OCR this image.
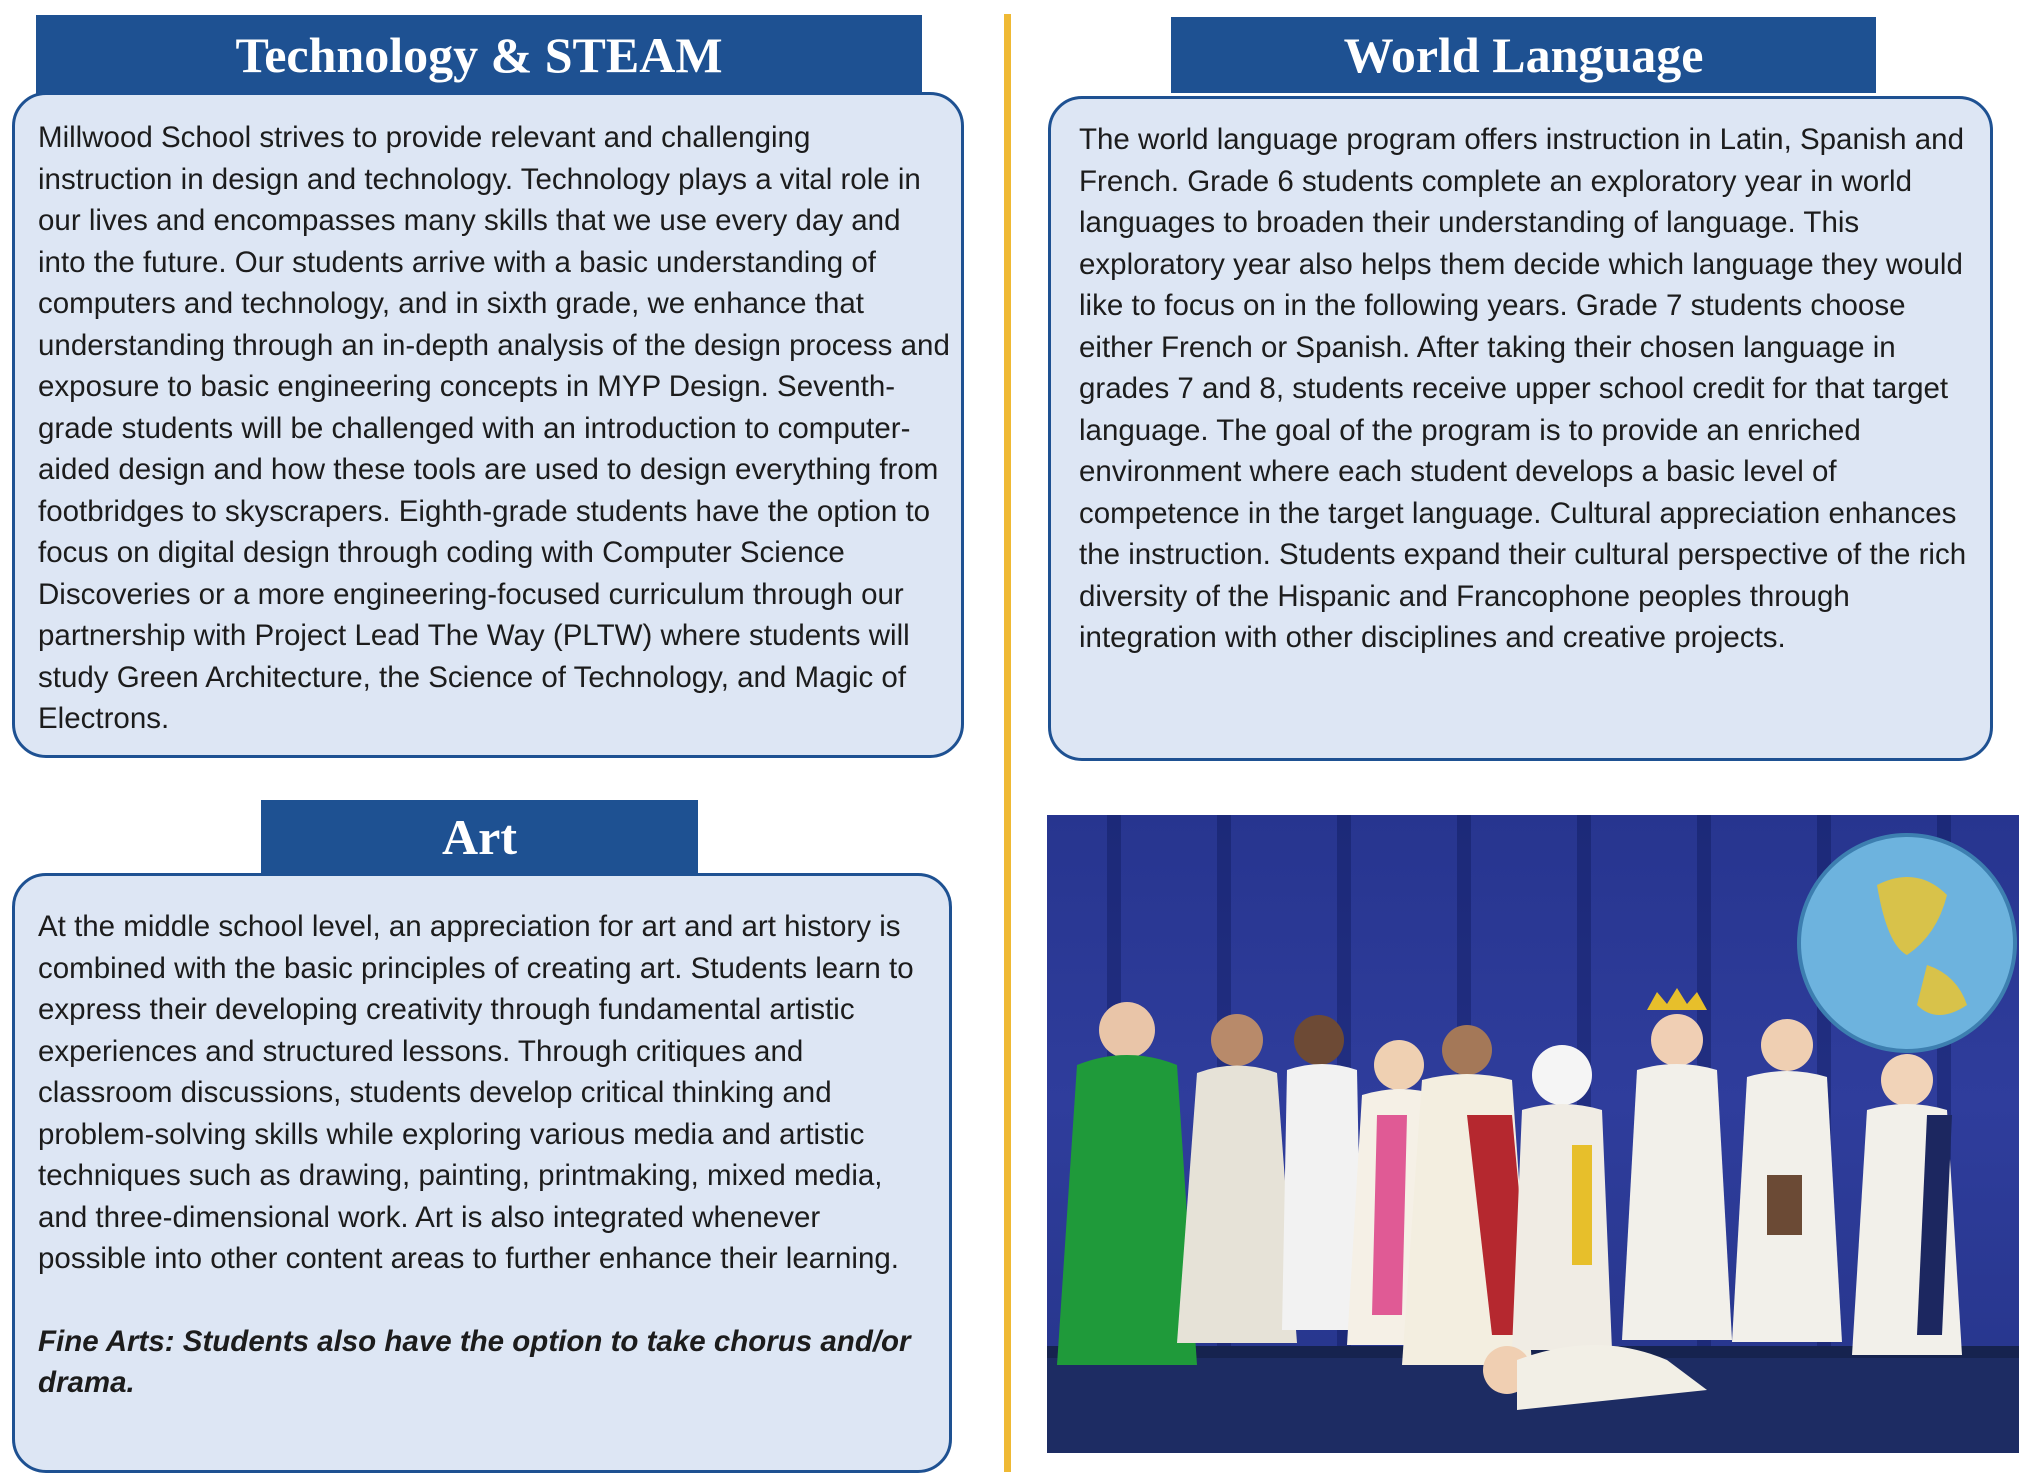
Technology & STEAM

Millwood School strives to provide relevant and challenging instruction in design and technology. Technology plays a vital role in our lives and encompasses many skills that we use every day and into the future. Our students arrive with a basic understanding of computers and technology, and in sixth grade, we enhance that understanding through an in-depth analysis of the design process and exposure to basic engineering concepts in MYP Design. Seventh-grade students will be challenged with an introduction to computer-aided design and how these tools are used to design everything from footbridges to skyscrapers. Eighth-grade students have the option to focus on digital design through coding with Computer Science Discoveries or a more engineering-focused curriculum through our partnership with Project Lead The Way (PLTW) where students will study Green Architecture, the Science of Technology, and Magic of Electrons.

Art

At the middle school level, an appreciation for art and art history is combined with the basic principles of creating art. Students learn to express their developing creativity through fundamental artistic experiences and structured lessons. Through critiques and classroom discussions, students develop critical thinking and problem-solving skills while exploring various media and artistic techniques such as drawing, painting, printmaking, mixed media, and three-dimensional work. Art is also integrated whenever possible into other content areas to further enhance their learning.

Fine Arts: Students also have the option to take chorus and/or drama.

World Language

The world language program offers instruction in Latin, Spanish and French. Grade 6 students complete an exploratory year in world languages to broaden their understanding of language. This exploratory year also helps them decide which language they would like to focus on in the following years. Grade 7 students choose either French or Spanish. After taking their chosen language in grades 7 and 8, students receive upper school credit for that target language. The goal of the program is to provide an enriched environment where each student develops a basic level of competence in the target language. Cultural appreciation enhances the instruction. Students expand their cultural perspective of the rich diversity of the Hispanic and Francophone peoples through integration with other disciplines and creative projects.
